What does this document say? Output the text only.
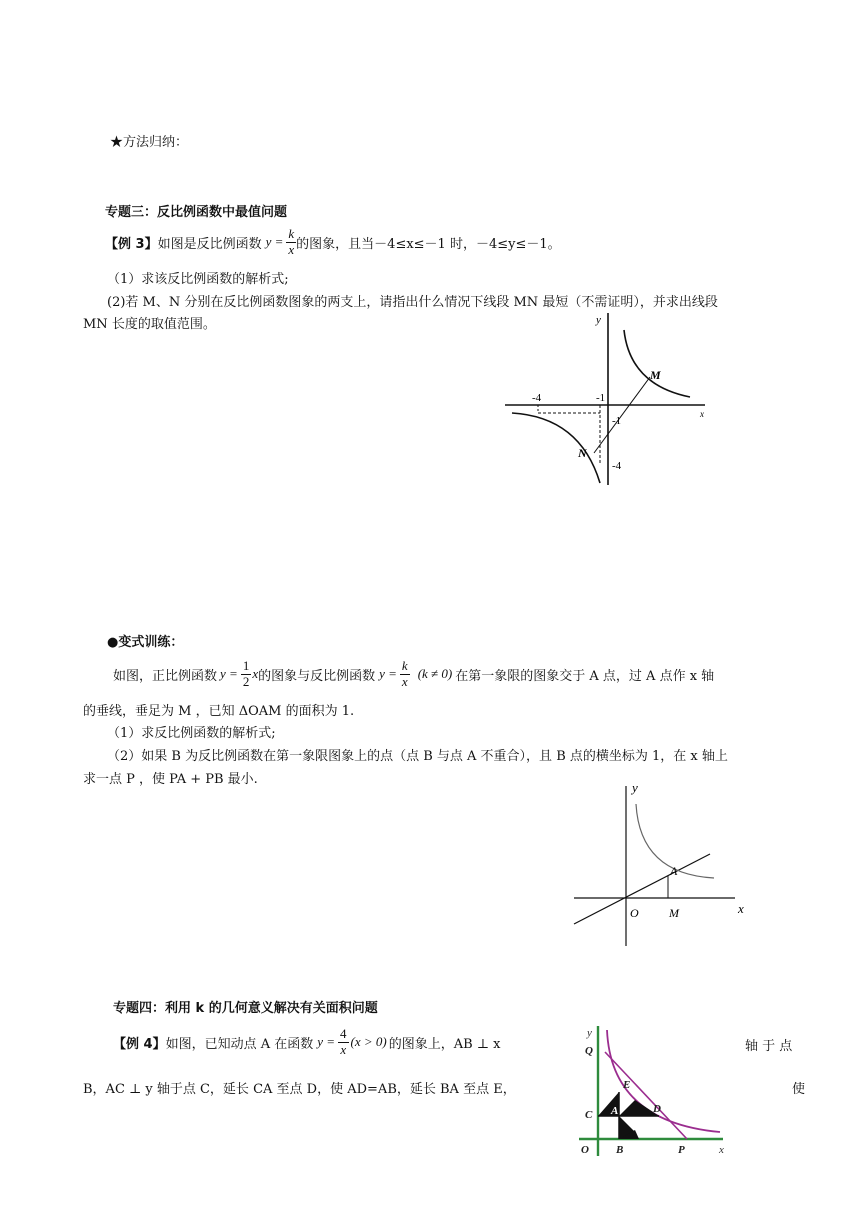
★方法归纳：
专题三：反比例函数中最值问题
【例 3】 如图是反比例函数 $y = \frac{k}{x}$ 的图象，且当－4≤x≤－1 时，－4≤y≤－1。
（1）求该反比例函数的解析式;
(2)若 M、N 分别在反比例函数图象的两支上，请指出什么情况下线段 MN 最短（不需证明），并求出线段
MN 长度的取值范围。	y
x
-4	-1
-1
-4
M
N
●变式训练：
如图，正比例函数 $y = \frac{1}{2}$ x 的图象与反比例函数 $y = \frac{k}{x} (k \ne 0)$ 在第一象限的图象交于 A 点，过 A 点作 x 轴
的垂线，垂足为 M ，已知 ΔOAM 的面积为 1.
（1）求反比例函数的解析式;
（2）如果 B 为反比例函数在第一象限图象上的点（点 B 与点 A 不重合），且 B 点的横坐标为 1，在 x 轴上
求一点 P ，使 PA + PB 最小.
y
x
A
O	M
专题四：利用 k 的几何意义解决有关面积问题
【例 4】 如图，已知动点 A 在函数 $y = \frac{4}{x} (x > 0)$ 的图象上，AB ⊥ x	轴 于 点
B，AC ⊥ y 轴于点 C，延长 CA 至点 D，使 AD=AB，延长 BA 至点 E，	使
y
x
Q
E
C A	D
O B	P
